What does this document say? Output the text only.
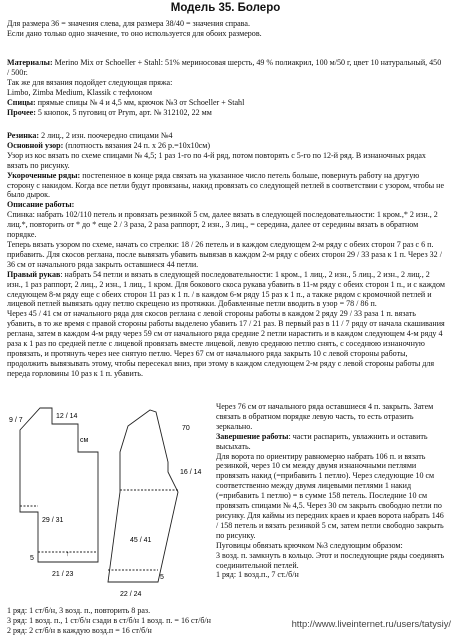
Модель 35. Болеро

Для размера 36 = значения слева, для размера 38/40 = значения справа.

Если дано только одно значение, то оно используется для обоих размеров.

Материалы: Merino Mix от Schoeller + Stahl: 51% мериносовая шерсть, 49 % полиакрил, 100 м/50 г, цвет 10 натуральный, 450 / 500г.

Так же для вязания подойдет следующая пряжа:

Limbo, Zimba Medium, Klassik с тефлоном

Спицы: прямые спицы № 4 и 4,5 мм, крючок №3 от Schoeller + Stahl

Прочее: 5 кнопок, 5 пуговиц от Prym, арт. № 312102, 22 мм

Резинка: 2 лиц., 2 изн. поочередно спицами №4

Основной узор: (плотность вязания 24 п. х 26 р.=10х10см)

Узор из кос вязать по схеме спицами № 4,5; 1 раз 1-го по 4-й ряд, потом повторять с 5-го по 12-й ряд. В изнаночных рядах вязать по рисунку.

Укороченные ряды: постепенное в конце ряда связать на указанное число петель больше, повернуть работу на другую сторону с накидом. Когда все петли будут провязаны, накид провязать со следующей петлей в соответствии с узором, чтобы не было дырок.

Описание работы:

Спинка: набрать 102/110 петель и провязать резинкой 5 см, далее вязать в следующей последовательности: 1 кром.,* 2 изн., 2 лиц.*, повторить от * до * еще 2 / 3 раза, 2 раза раппорт, 2 изн., 3 лиц., = середина, далее от середины вязать в обратном порядке.

Теперь вязать узором по схеме, начать со стрелки: 18 / 26 петель и в каждом следующем 2-м ряду с обеих сторон 7 раз с 6 п. прибавить. Для скосов реглана, после вывязать убавить вывязав в каждом 2-м ряду с обеих сторон 29 / 33 раза к 1 п. Через 32 / 36 см от начального ряда закрыть оставшиеся 44 петли.

Правый рукав: набрать 54 петли и вязать в следующей последовательности: 1 кром., 1 лиц., 2 изн., 5 лиц., 2 изн., 2 лиц., 2 изн., 1 раз раппорт, 2 лиц., 2 изн., 1 лиц., 1 кром. Для бокового скоса рукава убавить в 11-м ряду с обеих сторон 1 п., и с каждом следующем 8-м ряду еще с обеих сторон 11 раз к 1 п. / в каждом 6-м ряду 15 раз к 1 п., а также рядом с кромочной петлей и лицевой петлей вывязать одну петлю скрещено из протяжки. Добавленные петли вводить в узор = 78 / 86 п.

Через 45 / 41 см от начального ряда для скосов реглана с левой стороны работы в каждом 2 ряду 29 / 33 раза 1 п. вязать убавить, в то же время с правой стороны работы выделено убавить 17 / 21 раз. В первый раз в 11 / 7 ряду от начала скашивания реглана, затем в каждом 4-м ряду через 59 см от начального ряда средние 2 петли нарастить и в каждом следующем 4-м ряду 4 раза к 1 раз по средней петле с лицевой провязать вместе лицевой, левую среднюю петлю снять, с соседнюю изнаночную провязать, и протянуть через нее снятую петлю. Через 67 см от начального ряда закрыть 10 с левой стороны работы, продолжить вывязывать этому, чтобы пересекал вниз, при этому в каждом следующем 2-м ряду с левой стороны работы для переда горловины 10 раз к 1 п. убавить.

9 / 7
12 / 14
см
29 / 31
5
21 / 23
70
16 / 14
45 / 41
5
22 / 24
↑

Через 76 см от начального ряда оставшиеся 4 п. закрыть. Затем связать в обратном порядке левую часть, то есть отразить зеркально.

Завершение работы: части распарить, увлажнить и оставить высыхать.

Для ворота по ориентиру равномерно набрать 106 п. и вязать резинкой, через 10 см между двумя изнаночными петлями провязать накид (=прибавить 1 петлю). Через следующие 10 см соответственно между двумя лицевыми петлями 1 накид (=прибавить 1 петлю) = в сумме 158 петель. Последние 10 см провязать спицами № 4,5. Через 30 см закрыть свободно петли по рисунку. Для каймы из передних краев и краев ворота набрать 146 / 158 петель и вязать резинкой 5 см, затем петли свободно закрыть по рисунку.

Пуговицы обвязать крючком №3 следующим образом:

3 возд. п. замкнуть в кольцо. Этот и последующие ряды соединять соединительной петлей.

1 ряд: 1 возд.п., 7 ст./б/н

1 ряд: 1 ст/б/н, 3 возд. п., повторить 8 раз.

3 ряд: 1 возд. п., 1 ст/б/н сзади в ст/б/н 1 возд. п. = 16 ст/б/н

2 ряд: 2 ст/б/н в каждую возд.п = 16 ст/б/н

http://www.liveinternet.ru/users/tatysiy/
